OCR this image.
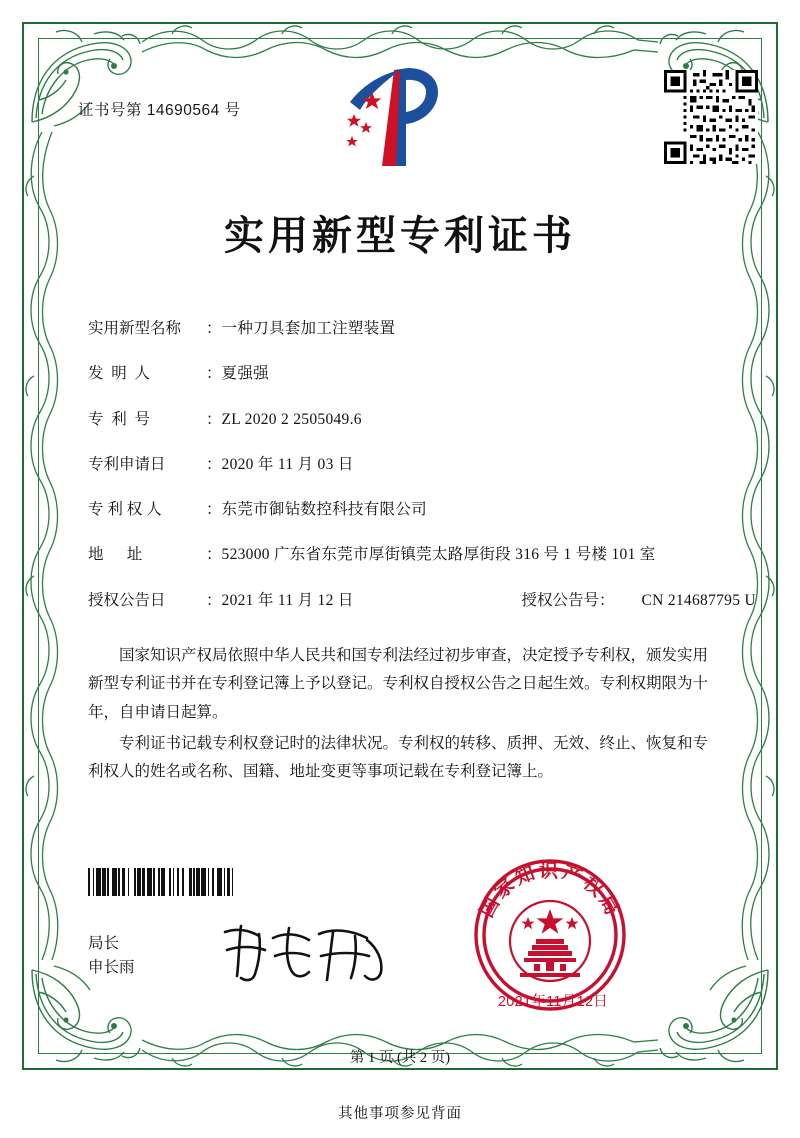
证书号第 14690564 号
实用新型专利证书
实用新型名称	： 一种刀具套加工注塑装置
发  明  人	： 夏强强
专  利  号	： ZL 2020 2 2505049.6
专利申请日	： 2020 年 11 月 03 日
专 利 权 人	： 东莞市御钻数控科技有限公司
地      址	： 523000 广东省东莞市厚街镇莞太路厚街段 316 号 1 号楼 101 室
授权公告日	： 2021 年 11 月 12 日	授权公告号：	CN 214687795 U

国家知识产权局依照中华人民共和国专利法经过初步审查，决定授予专利权，颁发实用新型专利证书并在专利登记簿上予以登记。专利权自授权公告之日起生效。专利权期限为十年，自申请日起算。

专利证书记载专利权登记时的法律状况。专利权的转移、质押、无效、终止、恢复和专利权人的姓名或名称、国籍、地址变更等事项记载在专利登记簿上。

局长
申长雨
国家知识产权局
2021年11月12日
第 1 页 (共 2 页)
其他事项参见背面
